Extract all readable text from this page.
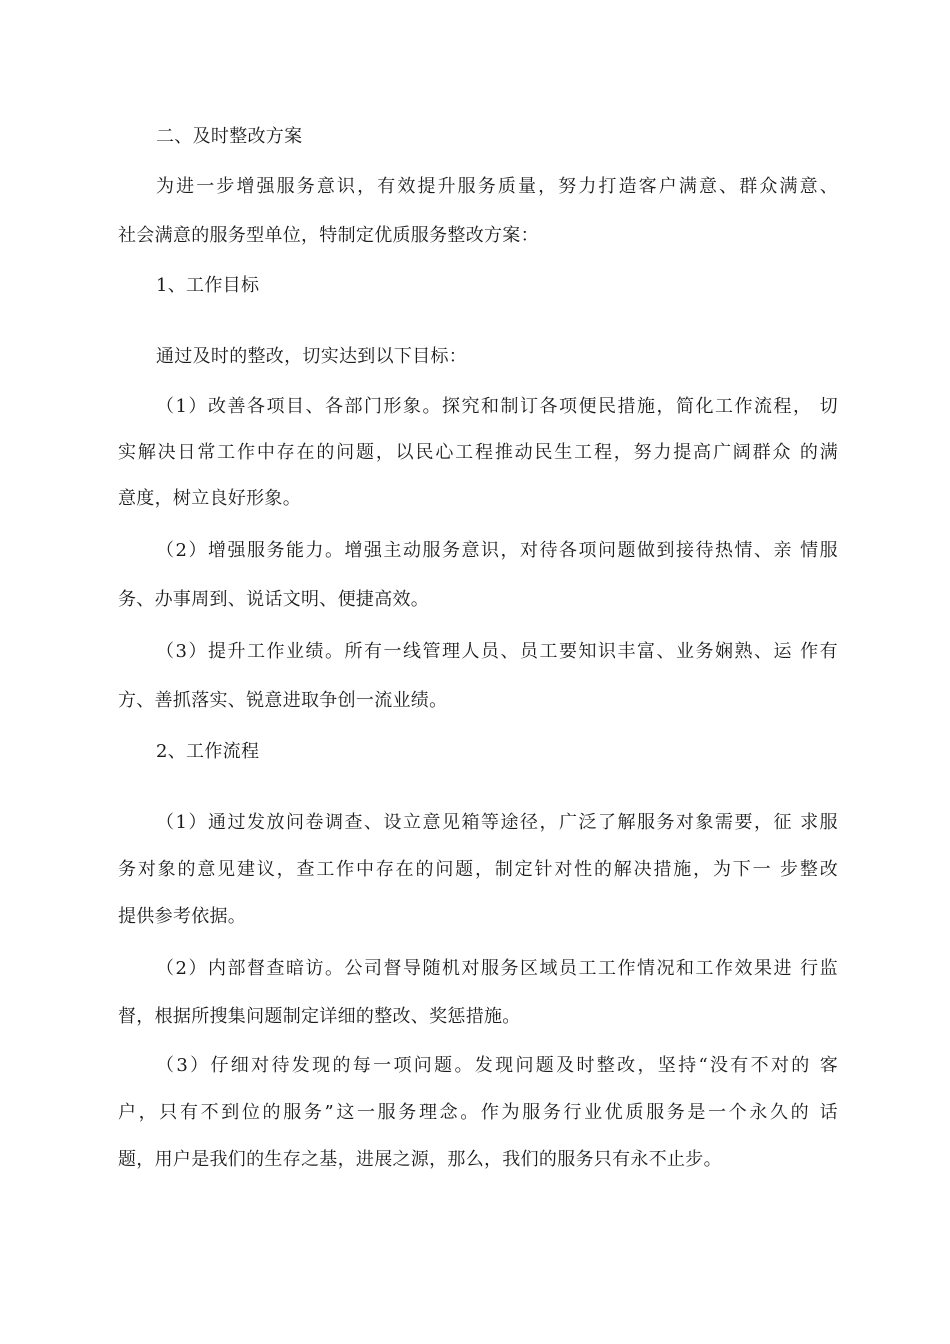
二、及时整改方案
为进一步增强服务意识，有效提升服务质量，努力打造客户满意、群众满意、
社会满意的服务型单位，特制定优质服务整改方案：
1、工作目标
通过及时的整改，切实达到以下目标：
（1）改善各项目、各部门形象。探究和制订各项便民措施，简化工作流程， 切
实解决日常工作中存在的问题，以民心工程推动民生工程，努力提高广阔群众 的满
意度，树立良好形象。
（2）增强服务能力。增强主动服务意识，对待各项问题做到接待热情、亲 情服
务、办事周到、说话文明、便捷高效。
（3）提升工作业绩。所有一线管理人员、员工要知识丰富、业务娴熟、运 作有
方、善抓落实、锐意进取争创一流业绩。
2、工作流程
（1）通过发放问卷调查、设立意见箱等途径，广泛了解服务对象需要，征 求服
务对象的意见建议，查工作中存在的问题，制定针对性的解决措施，为下一 步整改
提供参考依据。
（2）内部督查暗访。公司督导随机对服务区域员工工作情况和工作效果进 行监
督，根据所搜集问题制定详细的整改、奖惩措施。
（3）仔细对待发现的每一项问题。发现问题及时整改，坚持“没有不对的 客
户，只有不到位的服务”这一服务理念。作为服务行业优质服务是一个永久的 话
题，用户是我们的生存之基，进展之源，那么，我们的服务只有永不止步。
